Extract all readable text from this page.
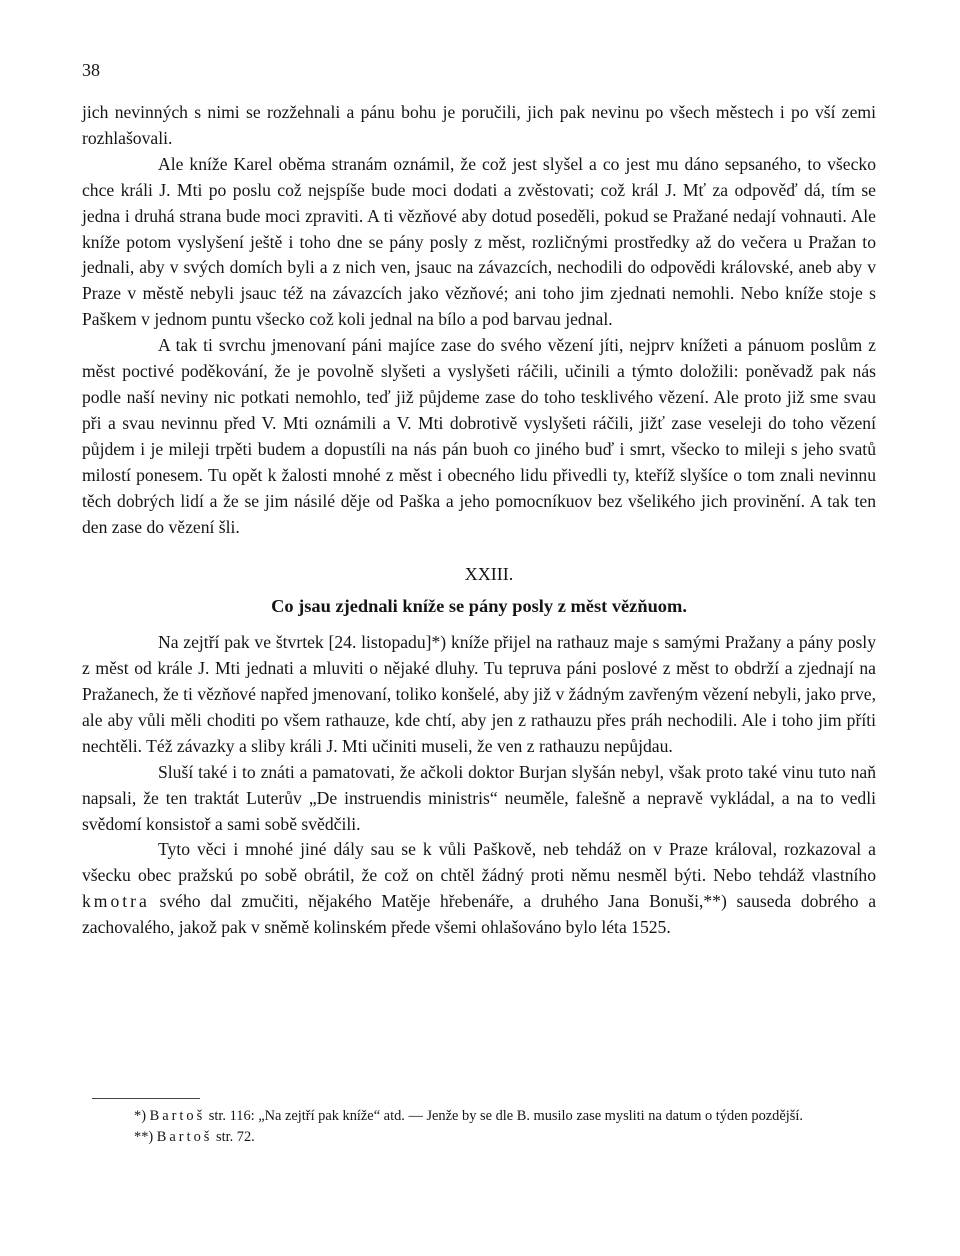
38

jich nevinných s nimi se rozžehnali a pánu bohu je poručili, jich pak nevinu po všech městech i po vší zemi rozhlašovali.

Ale kníže Karel oběma stranám oznámil, že což jest slyšel a co jest mu dáno sepsaného, to všecko chce králi J. Mti po poslu což nejspíše bude moci dodati a zvěstovati; což král J. Mť za odpověď dá, tím se jedna i druhá strana bude moci zpraviti. A ti vězňové aby dotud poseděli, pokud se Pražané nedají vohnauti. Ale kníže potom vyslyšení ještě i toho dne se pány posly z měst, rozličnými prostředky až do večera u Pražan to jednali, aby v svých domích byli a z nich ven, jsauc na závazcích, nechodili do odpovědi královské, aneb aby v Praze v městě nebyli jsauc též na závazcích jako vězňové; ani toho jim zjednati nemohli. Nebo kníže stoje s Paškem v jednom puntu všecko což koli jednal na bílo a pod barvau jednal.

A tak ti svrchu jmenovaní páni majíce zase do svého vězení jíti, nejprv knížeti a pánuom poslům z měst poctivé poděkování, že je povolně slyšeti a vyslyšeti ráčili, učinili a týmto doložili: poněvadž pak nás podle naší neviny nic potkati nemohlo, teď již půjdeme zase do toho tesklivého vězení. Ale proto již sme svau při a svau nevinnu před V. Mti oznámili a V. Mti dobrotivě vyslyšeti ráčili, jižť zase veseleji do toho vězení půjdem i je mileji trpěti budem a dopustíli na nás pán buoh co jiného buď i smrt, všecko to mileji s jeho svatů milostí ponesem. Tu opět k žalosti mnohé z měst i obecného lidu přivedli ty, kteříž slyšíce o tom znali nevinnu těch dobrých lidí a že se jim násilé děje od Paška a jeho pomocníkuov bez všelikého jich provinění. A tak ten den zase do vězení šli.

XXIII.
Co jsau zjednali kníže se pány posly z měst vězňuom.

Na zejtří pak ve štvrtek [24. listopadu]*) kníže přijel na rathauz maje s samými Pražany a pány posly z měst od krále J. Mti jednati a mluviti o nějaké dluhy. Tu tepruva páni poslové z měst to obdrží a zjednají na Pražanech, že ti vězňové napřed jmenovaní, toliko konšelé, aby již v žádným zavřeným vězení nebyli, jako prve, ale aby vůli měli choditi po všem rathauze, kde chtí, aby jen z rathauzu přes práh nechodili. Ale i toho jim příti nechtěli. Též závazky a sliby králi J. Mti učiniti museli, že ven z rathauzu nepůjdau.

Sluší také i to znáti a pamatovati, že ačkoli doktor Burjan slyšán nebyl, však proto také vinu tuto naň napsali, že ten traktát Luterův „De instruendis ministris“ neuměle, falešně a nepravě vykládal, a na to vedli svědomí konsistoř a sami sobě svědčili.

Tyto věci i mnohé jiné dály sau se k vůli Paškově, neb tehdáž on v Praze královal, rozkazoval a všecku obec pražskú po sobě obrátil, že což on chtěl žádný proti němu nesměl býti. Nebo tehdáž vlastního kmotra svého dal zmučiti, nějakého Matěje hřebenáře, a druhého Jana Bonuši,**) sauseda dobrého a zachovalého, jakož pak v sněmě kolinském přede všemi ohlašováno bylo léta 1525.

*) Bartoš str. 116: „Na zejtří pak kníže“ atd. — Jenže by se dle B. musilo zase mysliti na datum o týden pozdější.

**) Bartoš str. 72.
